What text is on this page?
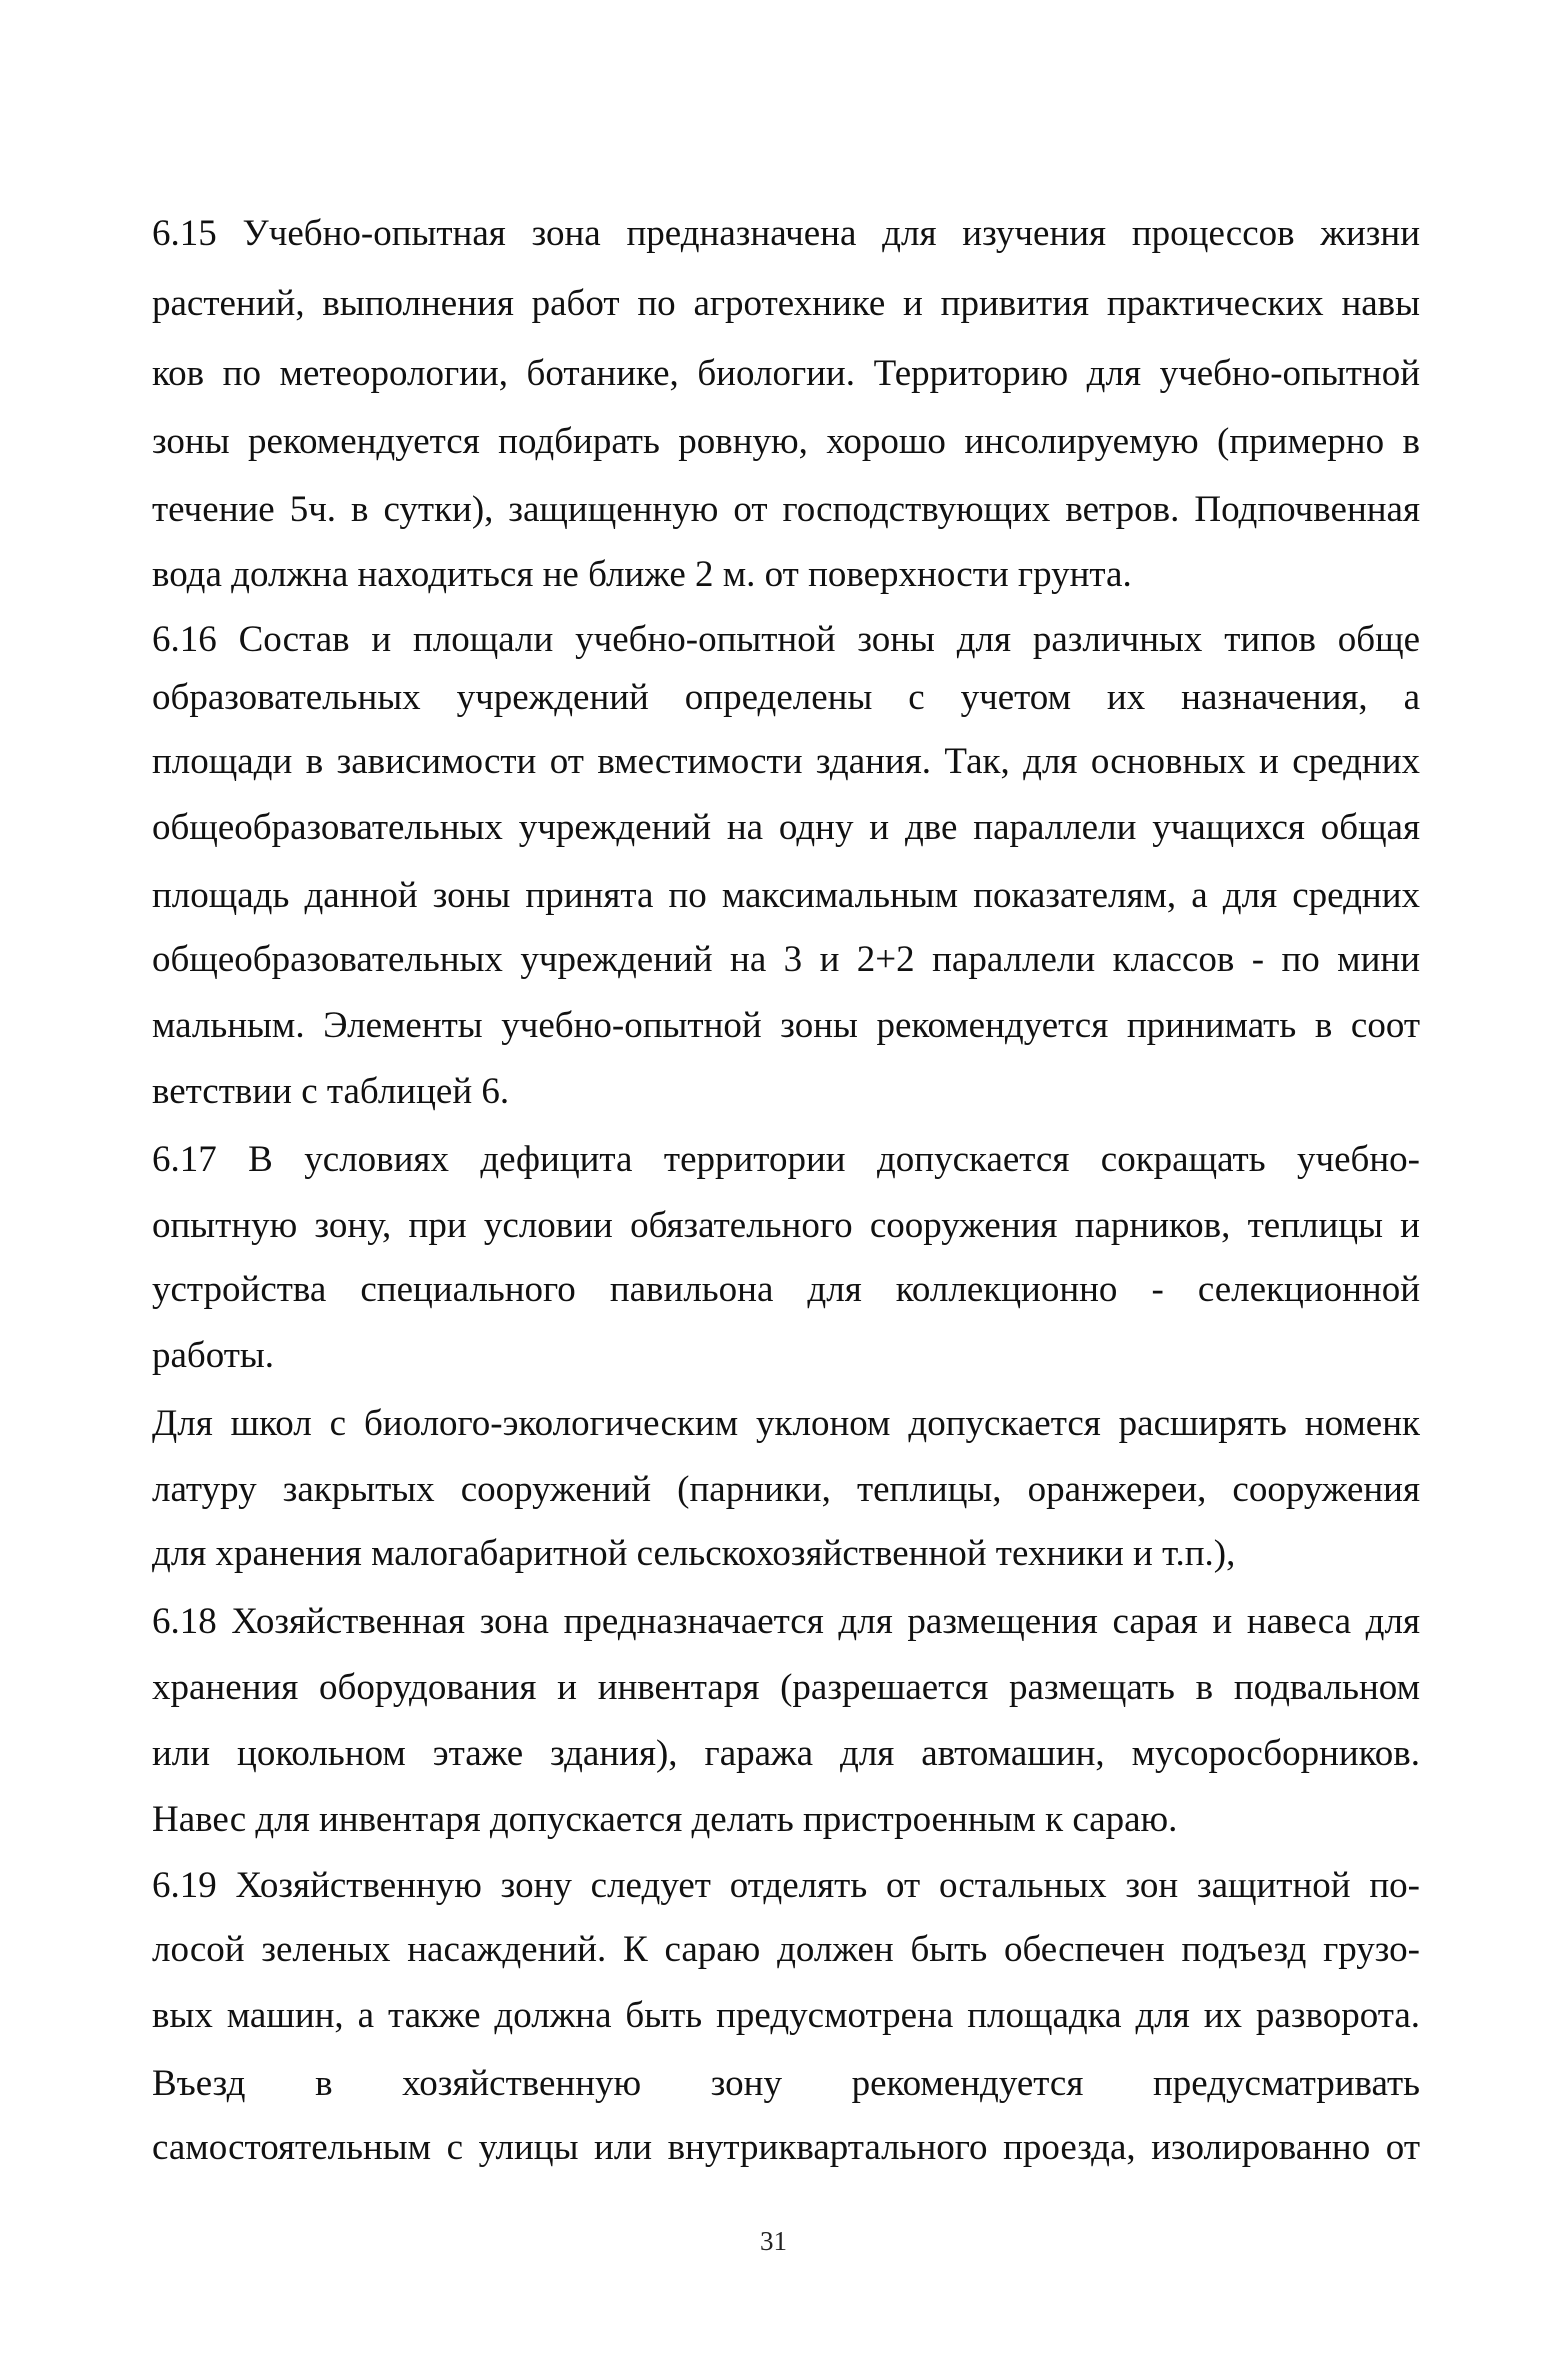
6.15 Учебно-опытная зона предназначена для изучения процессов жизни
растений, выполнения работ по агротехнике и привития практических навы
ков по метеорологии, ботанике, биологии. Территорию для учебно-опытной
зоны рекомендуется подбирать ровную, хорошо инсолируемую (примерно в
течение 5ч. в сутки), защищенную от господствующих ветров. Подпочвенная
вода должна находиться не ближе 2 м. от поверхности грунта.
6.16 Состав и площали учебно-опытной зоны для различных типов обще
образовательных учреждений определены с учетом их назначения, а
площади в зависимости от вместимости здания. Так, для основных и средних
общеобразовательных учреждений на одну и две параллели учащихся общая
площадь данной зоны принята по максимальным показателям, а для средних
общеобразовательных учреждений на 3 и 2+2 параллели классов - по мини
мальным. Элементы учебно-опытной зоны рекомендуется принимать в соот
ветствии с таблицей 6.
6.17 В условиях дефицита территории допускается сокращать учебно-
опытную зону, при условии обязательного сооружения парников, теплицы и
устройства специального павильона для коллекционно - селекционной
работы.
Для школ с биолого-экологическим уклоном допускается расширять номенк
латуру закрытых сооружений (парники, теплицы, оранжереи, сооружения
для хранения малогабаритной сельскохозяйственной техники и т.п.),
6.18 Хозяйственная зона предназначается для размещения сарая и навеса для
хранения оборудования и инвентаря (разрешается размещать в подвальном
или цокольном этаже здания), гаража для автомашин, мусоросборников.
Навес для инвентаря допускается делать пристроенным к сараю.
6.19 Хозяйственную зону следует отделять от остальных зон защитной по-
лосой зеленых насаждений. К сараю должен быть обеспечен подъезд грузо-
вых машин, а также должна быть предусмотрена площадка для их разворота.
Въезд в хозяйственную зону рекомендуется предусматривать
самостоятельным с улицы или внутриквартального проезда, изолированно от
31
